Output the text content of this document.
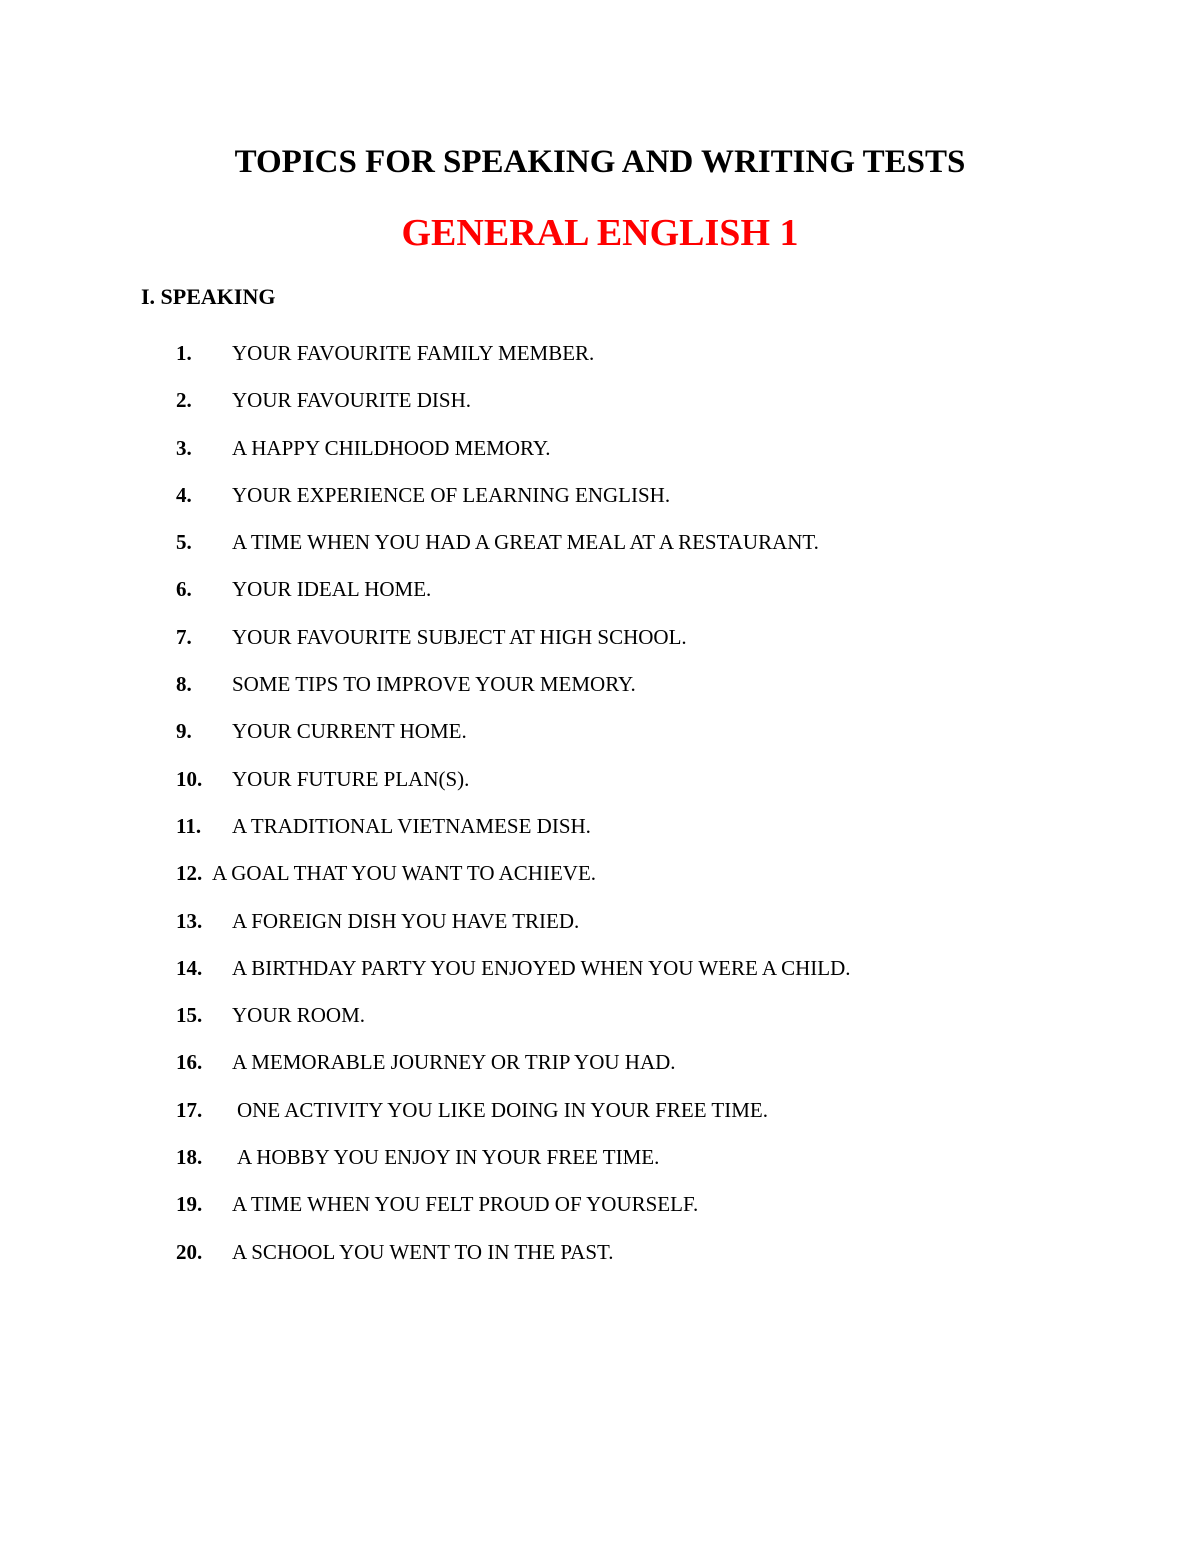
TOPICS FOR SPEAKING AND WRITING TESTS
GENERAL ENGLISH 1
I. SPEAKING
1. YOUR FAVOURITE FAMILY MEMBER.
2. YOUR FAVOURITE DISH.
3. A HAPPY CHILDHOOD MEMORY.
4. YOUR EXPERIENCE OF LEARNING ENGLISH.
5. A TIME WHEN YOU HAD A GREAT MEAL AT A RESTAURANT.
6. YOUR IDEAL HOME.
7. YOUR FAVOURITE SUBJECT AT HIGH SCHOOL.
8. SOME TIPS TO IMPROVE YOUR MEMORY.
9. YOUR CURRENT HOME.
10. YOUR FUTURE PLAN(S).
11. A TRADITIONAL VIETNAMESE DISH.
12. A GOAL THAT YOU WANT TO ACHIEVE.
13. A FOREIGN DISH YOU HAVE TRIED.
14. A BIRTHDAY PARTY YOU ENJOYED WHEN YOU WERE A CHILD.
15. YOUR ROOM.
16. A MEMORABLE JOURNEY OR TRIP YOU HAD.
17. ONE ACTIVITY YOU LIKE DOING IN YOUR FREE TIME.
18. A HOBBY YOU ENJOY IN YOUR FREE TIME.
19. A TIME WHEN YOU FELT PROUD OF YOURSELF.
20. A SCHOOL YOU WENT TO IN THE PAST.
